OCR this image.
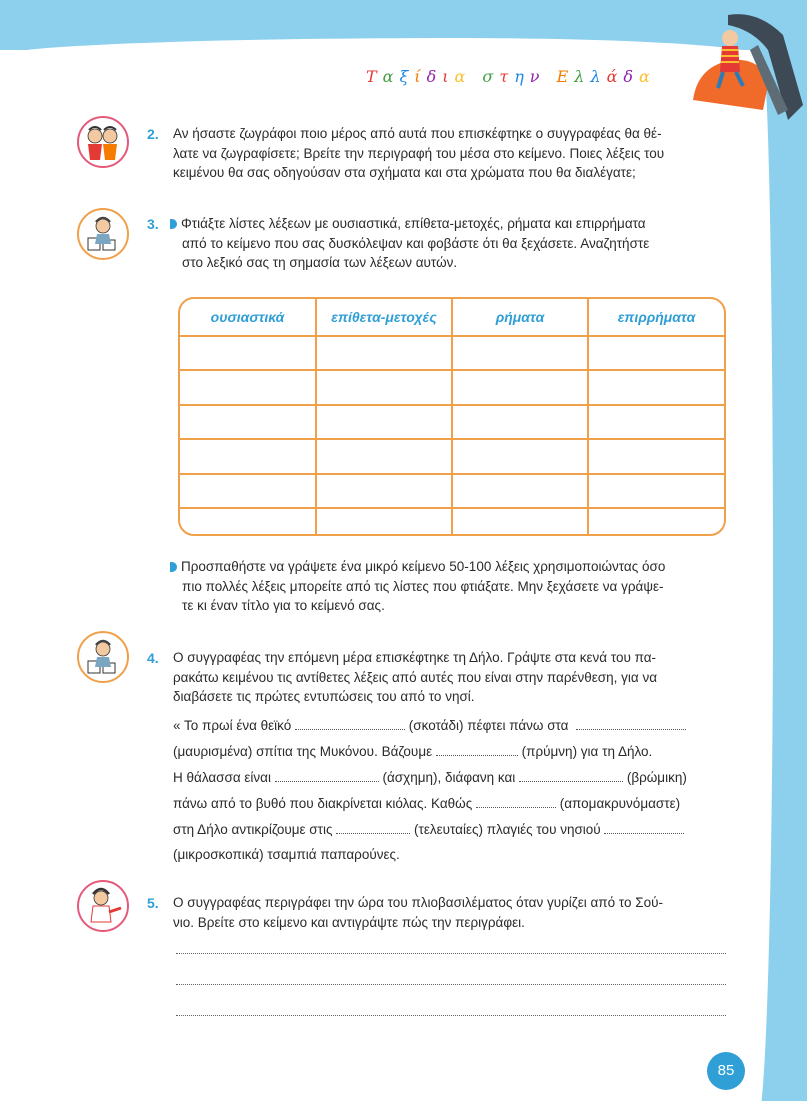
Ταξίδια στην Ελλάδα
2. Αν ήσαστε ζωγράφοι ποιο μέρος από αυτά που επισκέφτηκε ο συγγραφέας θα θέ-
λατε να ζωγραφίσετε; Βρείτε την περιγραφή του μέσα στο κείμενο. Ποιες λέξεις του
κειμένου θα σας οδηγούσαν στα σχήματα και στα χρώματα που θα διαλέγατε;
3.	Φτιάξτε λίστες λέξεων με ουσιαστικά, επίθετα-μετοχές, ρήματα και επιρρήματα
από το κείμενο που σας δυσκόλεψαν και φοβάστε ότι θα ξεχάσετε. Αναζητήστε
στο λεξικό σας τη σημασία των λέξεων αυτών.
ουσιαστικά	επίθετα-μετοχές	ρήματα	επιρρήματα

Προσπαθήστε να γράψετε ένα μικρό κείμενο 50-100 λέξεις χρησιμοποιώντας όσο
πιο πολλές λέξεις μπορείτε από τις λίστες που φτιάξατε. Μην ξεχάσετε να γράψε-
τε κι έναν τίτλο για το κείμενό σας.
4. Ο συγγραφέας την επόμενη μέρα επισκέφτηκε τη Δήλο. Γράψτε στα κενά του πα-
ρακάτω κειμένου τις αντίθετες λέξεις από αυτές που είναι στην παρένθεση, για να
διαβάσετε τις πρώτες εντυπώσεις του από το νησί.
« Το πρωί ένα θεϊκό	(σκοτάδι) πέφτει πάνω στα
(μαυρισμένα) σπίτια της Μυκόνου. Βάζουμε	(πρύμνη) για τη Δήλο.
Η θάλασσα είναι	(άσχημη), διάφανη και	(βρώμικη)
πάνω από το βυθό που διακρίνεται κιόλας. Καθώς	(απομακρυνόμαστε)
στη Δήλο αντικρίζουμε στις	(τελευταίες) πλαγιές του νησιού
(μικροσκοπικά) τσαμπιά παπαρούνες.
5. Ο συγγραφέας περιγράφει την ώρα του πλιοβασιλέματος όταν γυρίζει από το Σού-
νιο. Βρείτε στο κείμενο και αντιγράψτε πώς την περιγράφει.
85
